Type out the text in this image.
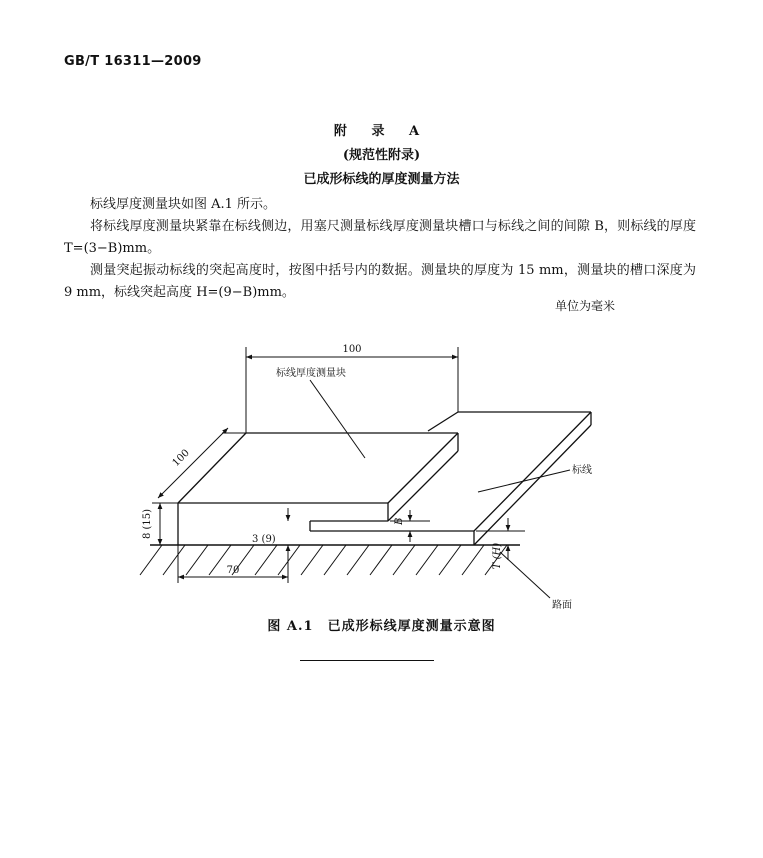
GB/T 16311—2009
附 录 A
(规范性附录)
已成形标线的厚度测量方法
标线厚度测量块如图 A.1 所示。
将标线厚度测量块紧靠在标线侧边，用塞尺测量标线厚度测量块槽口与标线之间的间隙 B，则标线的厚度 T=(3−B)mm。
测量突起振动标线的突起高度时，按图中括号内的数据。测量块的厚度为 15 mm，测量块的槽口深度为 9 mm，标线突起高度 H=(9−B)mm。
单位为毫米
100
100
标线厚度测量块
标线
路面
8 (15)
3 (9)
B
T (H)
70
图 A.1　已成形标线厚度测量示意图
